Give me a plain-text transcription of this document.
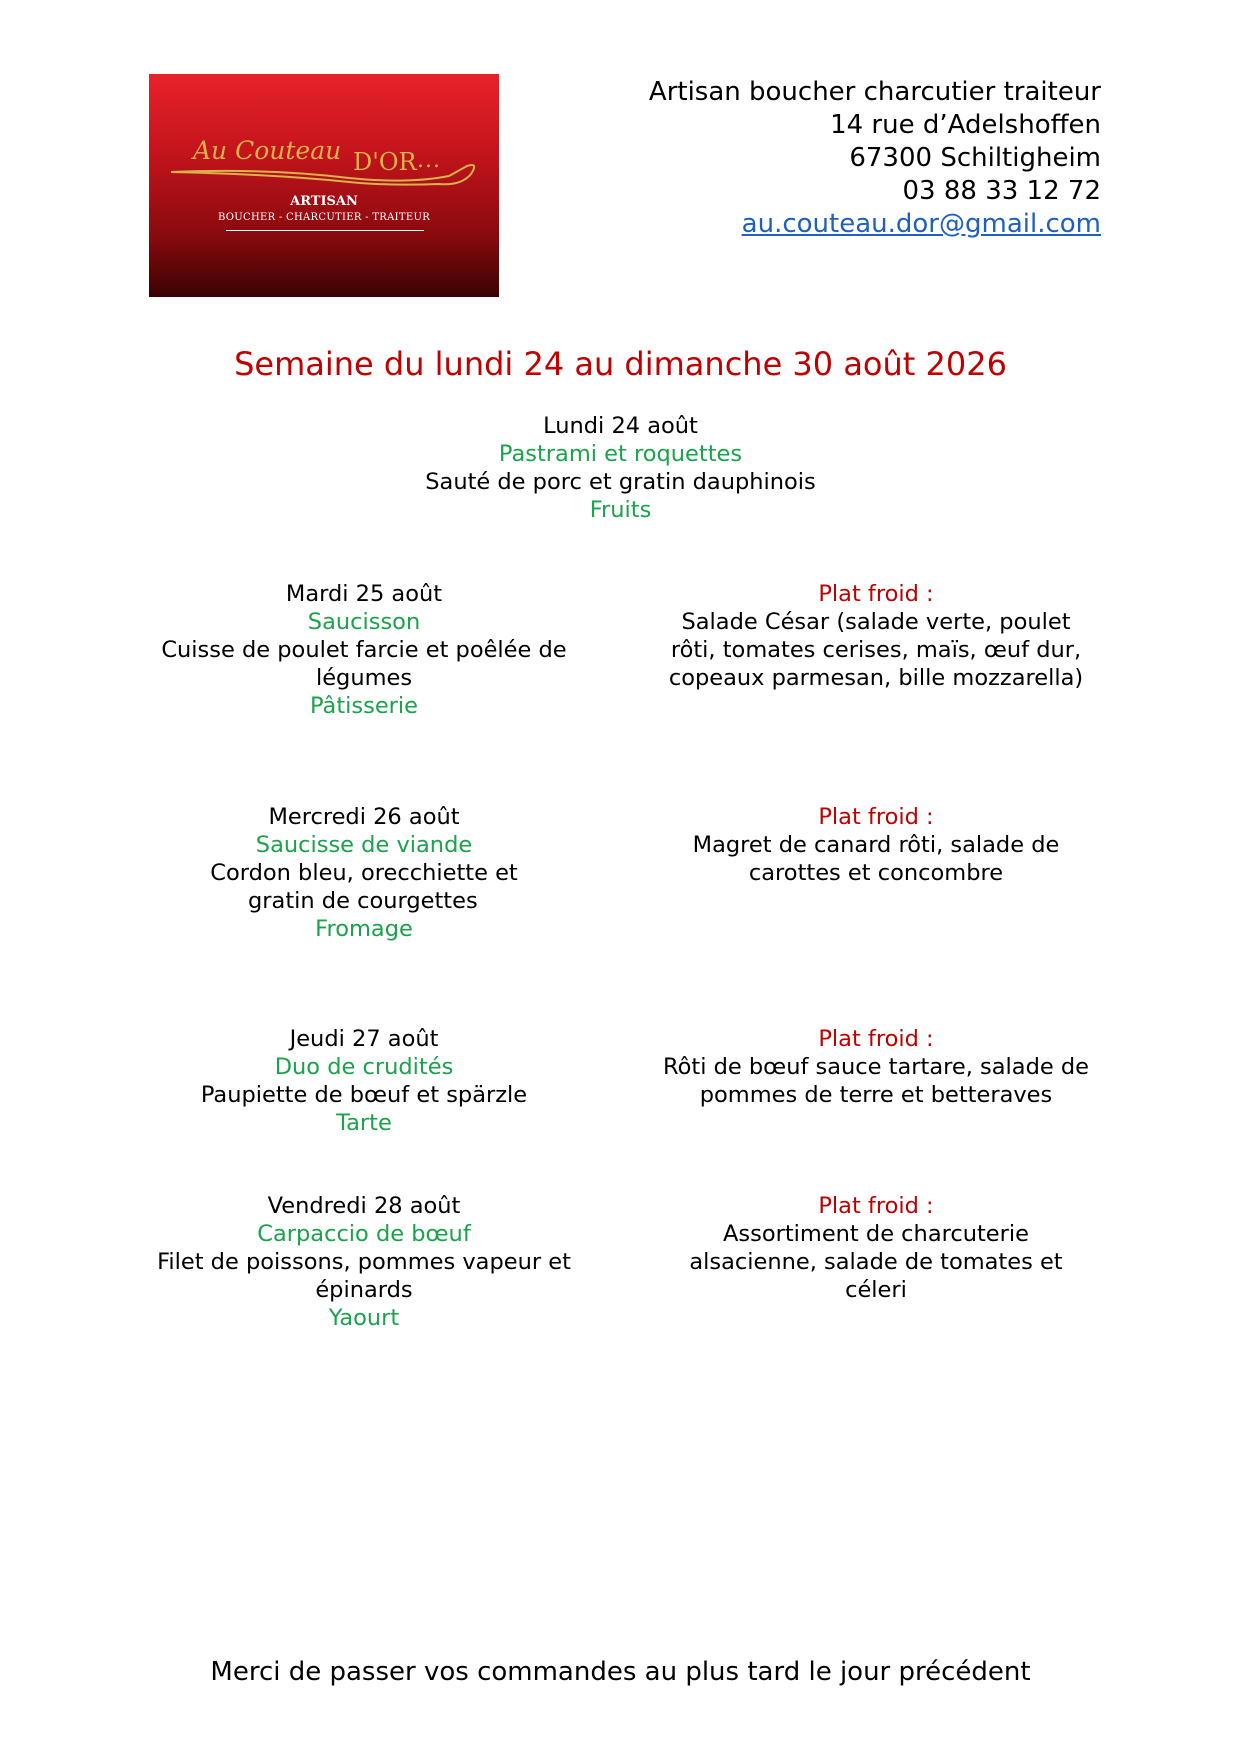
Au Couteau D'OR ...
ARTISAN
BOUCHER - CHARCUTIER - TRAITEUR
Artisan boucher charcutier traiteur
14 rue d’Adelshoffen
67300 Schiltigheim
03 88 33 12 72
au.couteau.dor@gmail.com
Semaine du lundi 24 au dimanche 30 août 2026
Lundi 24 août
Pastrami et roquettes
Sauté de porc et gratin dauphinois
Fruits
Mardi 25 août
Saucisson
Cuisse de poulet farcie et poêlée de
légumes
Pâtisserie
Plat froid :
Salade César (salade verte, poulet
rôti, tomates cerises, maïs, œuf dur,
copeaux parmesan, bille mozzarella)
Mercredi 26 août
Saucisse de viande
Cordon bleu, orecchiette et
gratin de courgettes
Fromage
Plat froid :
Magret de canard rôti, salade de
carottes et concombre
Jeudi 27 août
Duo de crudités
Paupiette de bœuf et spärzle
Tarte
Plat froid :
Rôti de bœuf sauce tartare, salade de
pommes de terre et betteraves
Vendredi 28 août
Carpaccio de bœuf
Filet de poissons, pommes vapeur et
épinards
Yaourt
Plat froid :
Assortiment de charcuterie
alsacienne, salade de tomates et
céleri
Merci de passer vos commandes au plus tard le jour précédent
